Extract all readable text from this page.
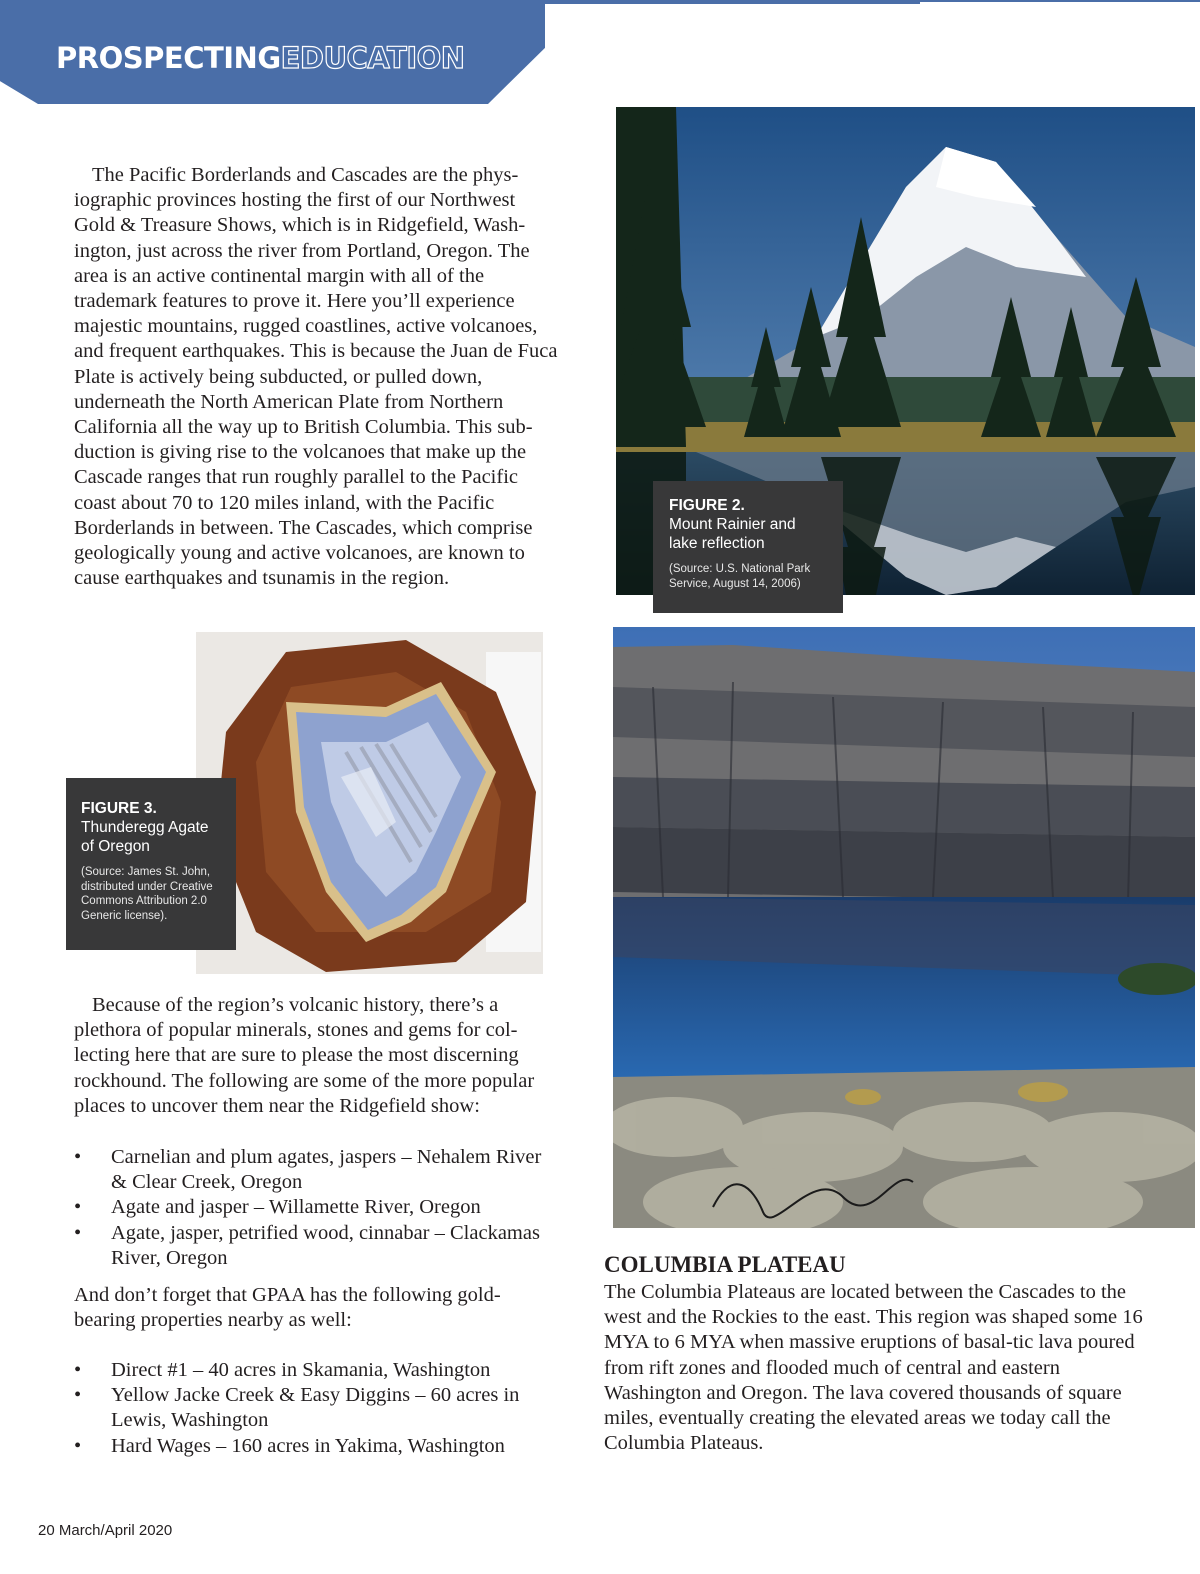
PROSPECTINGEDUCATION
The Pacific Borderlands and Cascades are the phys-iographic provinces hosting the first of our Northwest Gold & Treasure Shows, which is in Ridgefield, Wash-ington, just across the river from Portland, Oregon. The area is an active continental margin with all of the trademark features to prove it. Here you’ll experience majestic mountains, rugged coastlines, active volcanoes, and frequent earthquakes. This is because the Juan de Fuca Plate is actively being subducted, or pulled down, underneath the North American Plate from Northern California all the way up to British Columbia. This sub-duction is giving rise to the volcanoes that make up the Cascade ranges that run roughly parallel to the Pacific coast about 70 to 120 miles inland, with the Pacific Borderlands in between. The Cascades, which comprise geologically young and active volcanoes, are known to cause earthquakes and tsunamis in the region.
FIGURE 2.
Mount Rainier and lake reflection
(Source: U.S. National Park Service, August 14, 2006)
FIGURE 3.
Thunderegg Agate of Oregon
(Source: James St. John, distributed under Creative Commons Attribution 2.0 Generic license).
Because of the region’s volcanic history, there’s a plethora of popular minerals, stones and gems for col-lecting here that are sure to please the most discerning rockhound. The following are some of the more popular places to uncover them near the Ridgefield show:
• Carnelian and plum agates, jaspers – Nehalem River & Clear Creek, Oregon
• Agate and jasper – Willamette River, Oregon
• Agate, jasper, petrified wood, cinnabar – Clackamas River, Oregon
And don’t forget that GPAA has the following gold-bearing properties nearby as well:
• Direct #1 – 40 acres in Skamania, Washington
• Yellow Jacke Creek & Easy Diggins – 60 acres in Lewis, Washington
• Hard Wages – 160 acres in Yakima, Washington
COLUMBIA PLATEAU
The Columbia Plateaus are located between the Cascades to the west and the Rockies to the east. This region was shaped some 16 MYA to 6 MYA when massive eruptions of basal-tic lava poured from rift zones and flooded much of central and eastern Washington and Oregon. The lava covered thousands of square miles, eventually creating the elevated areas we today call the Columbia Plateaus.
20 March/April 2020
